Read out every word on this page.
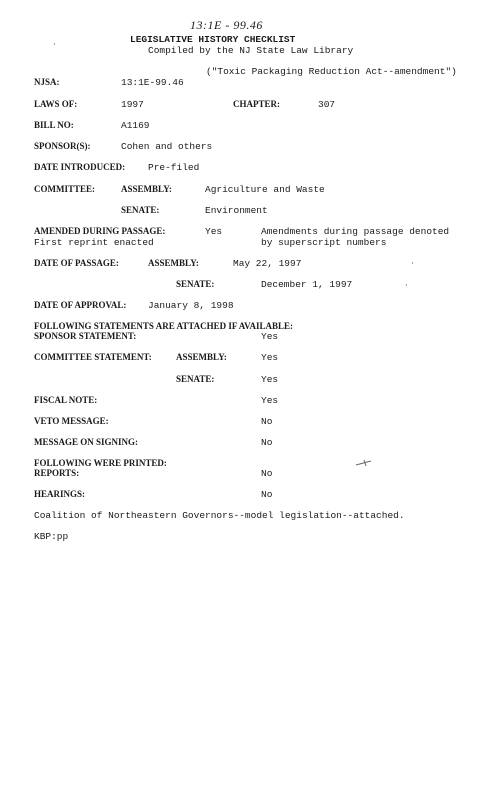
13:1E - 99.46
LEGISLATIVE HISTORY CHECKLIST
Compiled by the NJ State Law Library
("Toxic Packaging Reduction Act--amendment")
NJSA:	13:1E-99.46
LAWS OF:	1997	CHAPTER:	307
BILL NO:	A1169
SPONSOR(S):	Cohen and others
DATE INTRODUCED: Pre-filed
COMMITTEE:	ASSEMBLY:	Agriculture and Waste
SENATE:	Environment
AMENDED DURING PASSAGE:	Yes	Amendments during passage denoted
First reprint enacted	by superscript numbers
DATE OF PASSAGE:	ASSEMBLY:	May 22, 1997
SENATE:	December 1, 1997
DATE OF APPROVAL: January 8, 1998
FOLLOWING STATEMENTS ARE ATTACHED IF AVAILABLE:
SPONSOR STATEMENT:	Yes
COMMITTEE STATEMENT:	ASSEMBLY:	Yes
SENATE:	Yes
FISCAL NOTE:	Yes
VETO MESSAGE:	No
MESSAGE ON SIGNING:	No
FOLLOWING WERE PRINTED:
REPORTS:	No
HEARINGS:	No
Coalition of Northeastern Governors--model legislation--attached.
KBP:pp
·
·
·
